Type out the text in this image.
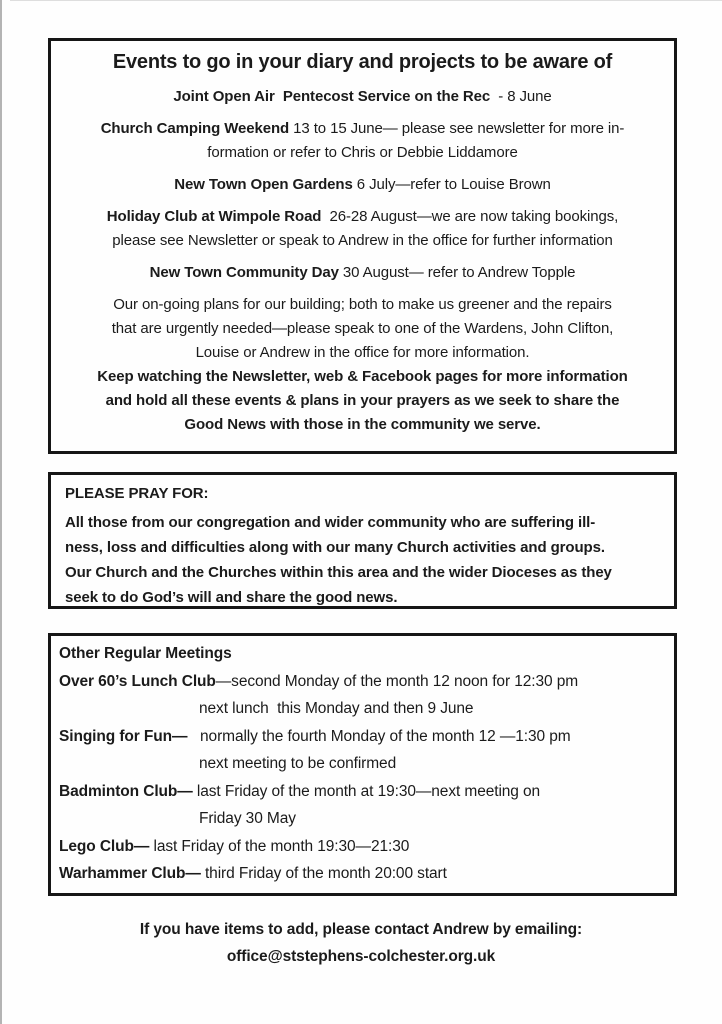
Events to go in your diary and projects to be aware of
Joint Open Air  Pentecost Service on the Rec  - 8 June
Church Camping Weekend 13 to 15 June— please see newsletter for more in-
formation or refer to Chris or Debbie Liddamore
New Town Open Gardens 6 July—refer to Louise Brown
Holiday Club at Wimpole Road  26-28 August—we are now taking bookings,
please see Newsletter or speak to Andrew in the office for further information
New Town Community Day 30 August— refer to Andrew Topple
Our on-going plans for our building; both to make us greener and the repairs
that are urgently needed—please speak to one of the Wardens, John Clifton,
Louise or Andrew in the office for more information.
Keep watching the Newsletter, web & Facebook pages for more information
and hold all these events & plans in your prayers as we seek to share the
Good News with those in the community we serve.
PLEASE PRAY FOR:
All those from our congregation and wider community who are suffering ill-
ness, loss and difficulties along with our many Church activities and groups.
Our Church and the Churches within this area and the wider Dioceses as they
seek to do God’s will and share the good news.
Other Regular Meetings
Over 60’s Lunch Club—second Monday of the month 12 noon for 12:30 pm
next lunch  this Monday and then 9 June
Singing for Fun—   normally the fourth Monday of the month 12 —1:30 pm
next meeting to be confirmed
Badminton Club— last Friday of the month at 19:30—next meeting on
Friday 30 May
Lego Club— last Friday of the month 19:30—21:30
Warhammer Club— third Friday of the month 20:00 start
If you have items to add, please contact Andrew by emailing:
office@ststephens-colchester.org.uk
